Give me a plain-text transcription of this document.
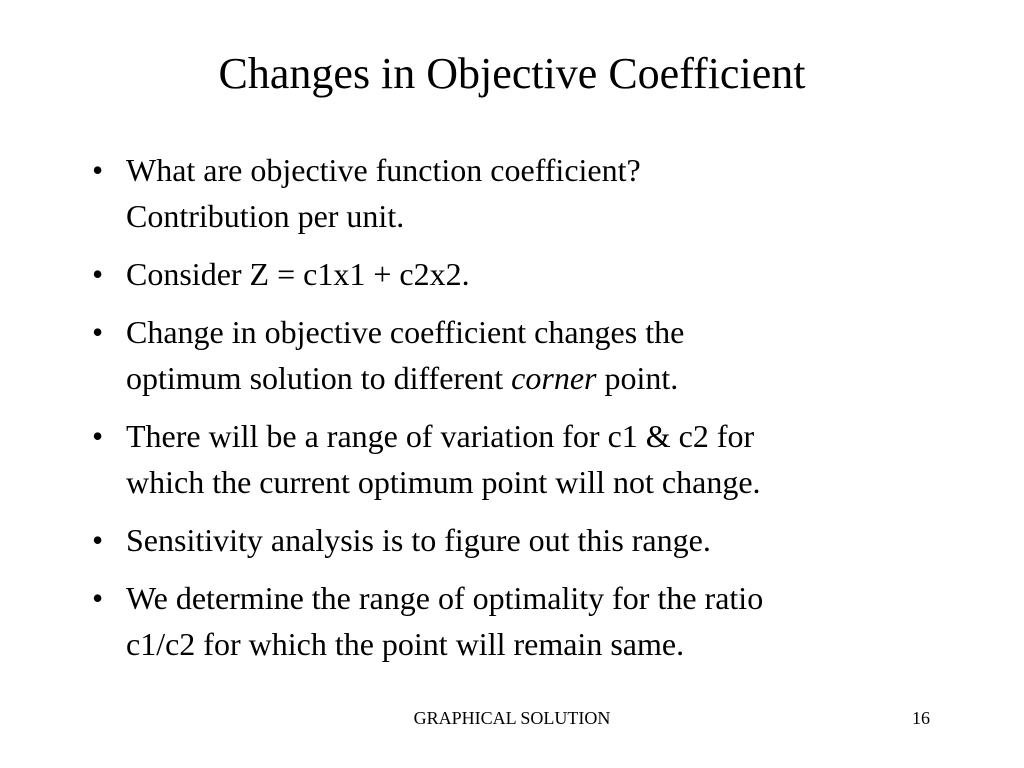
Changes in Objective Coefficient
• What are objective function coefficient?
Contribution per unit.
• Consider Z = c1x1 + c2x2.
• Change in objective coefficient changes the
optimum solution to different corner point.
• There will be a range of variation for c1 & c2 for
which the current optimum point will not change.
• Sensitivity analysis is to figure out this range.
• We determine the range of optimality for the ratio
c1/c2 for which the point will remain same.
GRAPHICAL SOLUTION	16
